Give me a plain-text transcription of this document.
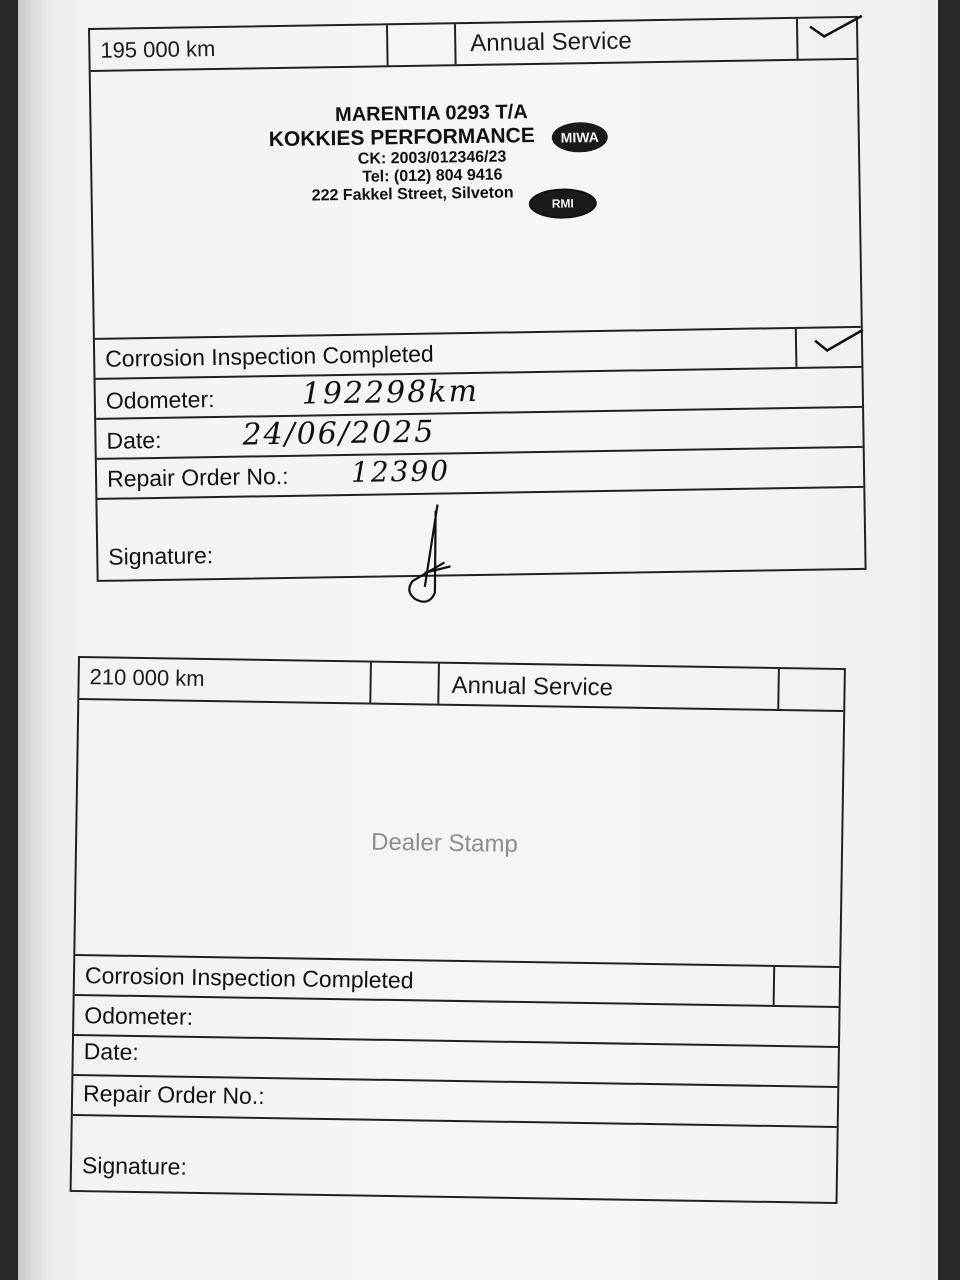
195 000 km	Annual Service
MARENTIA 0293 T/A
KOKKIES PERFORMANCE
CK: 2003/012346/23
Tel: (012) 804 9416
222 Fakkel Street, Silveton
MIWA
RMI
Corrosion Inspection Completed
Odometer:	192298km
Date:	24/06/2025
Repair Order No.: 12390
Signature:
210 000 km	Annual Service
Dealer Stamp
Corrosion Inspection Completed
Odometer:
Date:
Repair Order No.:
Signature:
